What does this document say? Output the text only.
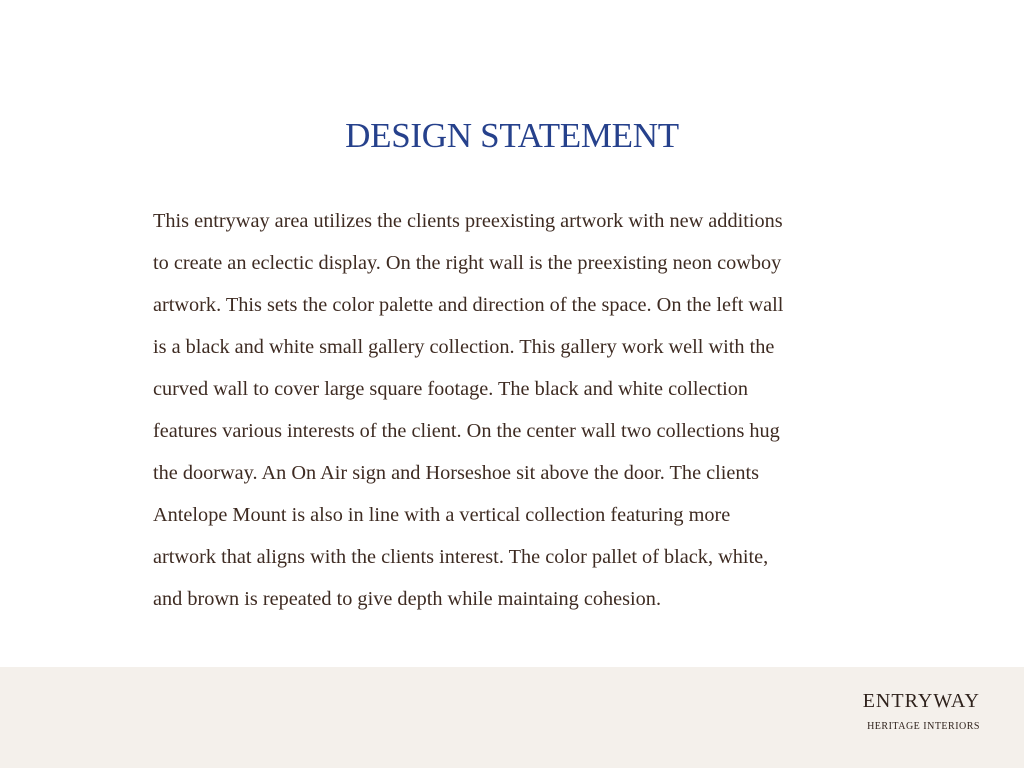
DESIGN STATEMENT

This entryway area utilizes the clients preexisting artwork with new additions
to create an eclectic display. On the right wall is the preexisting neon cowboy
artwork. This sets the color palette and direction of the space. On the left wall
is a black and white small gallery collection. This gallery work well with the
curved wall to cover large square footage. The black and white collection
features various interests of the client. On the center wall two collections hug
the doorway. An On Air sign and Horseshoe sit above the door. The clients
Antelope Mount is also in line with a vertical collection featuring more
artwork that aligns with the clients interest. The color pallet of black, white,
and brown is repeated to give depth while maintaing cohesion.

ENTRYWAY
HERITAGE INTERIORS
